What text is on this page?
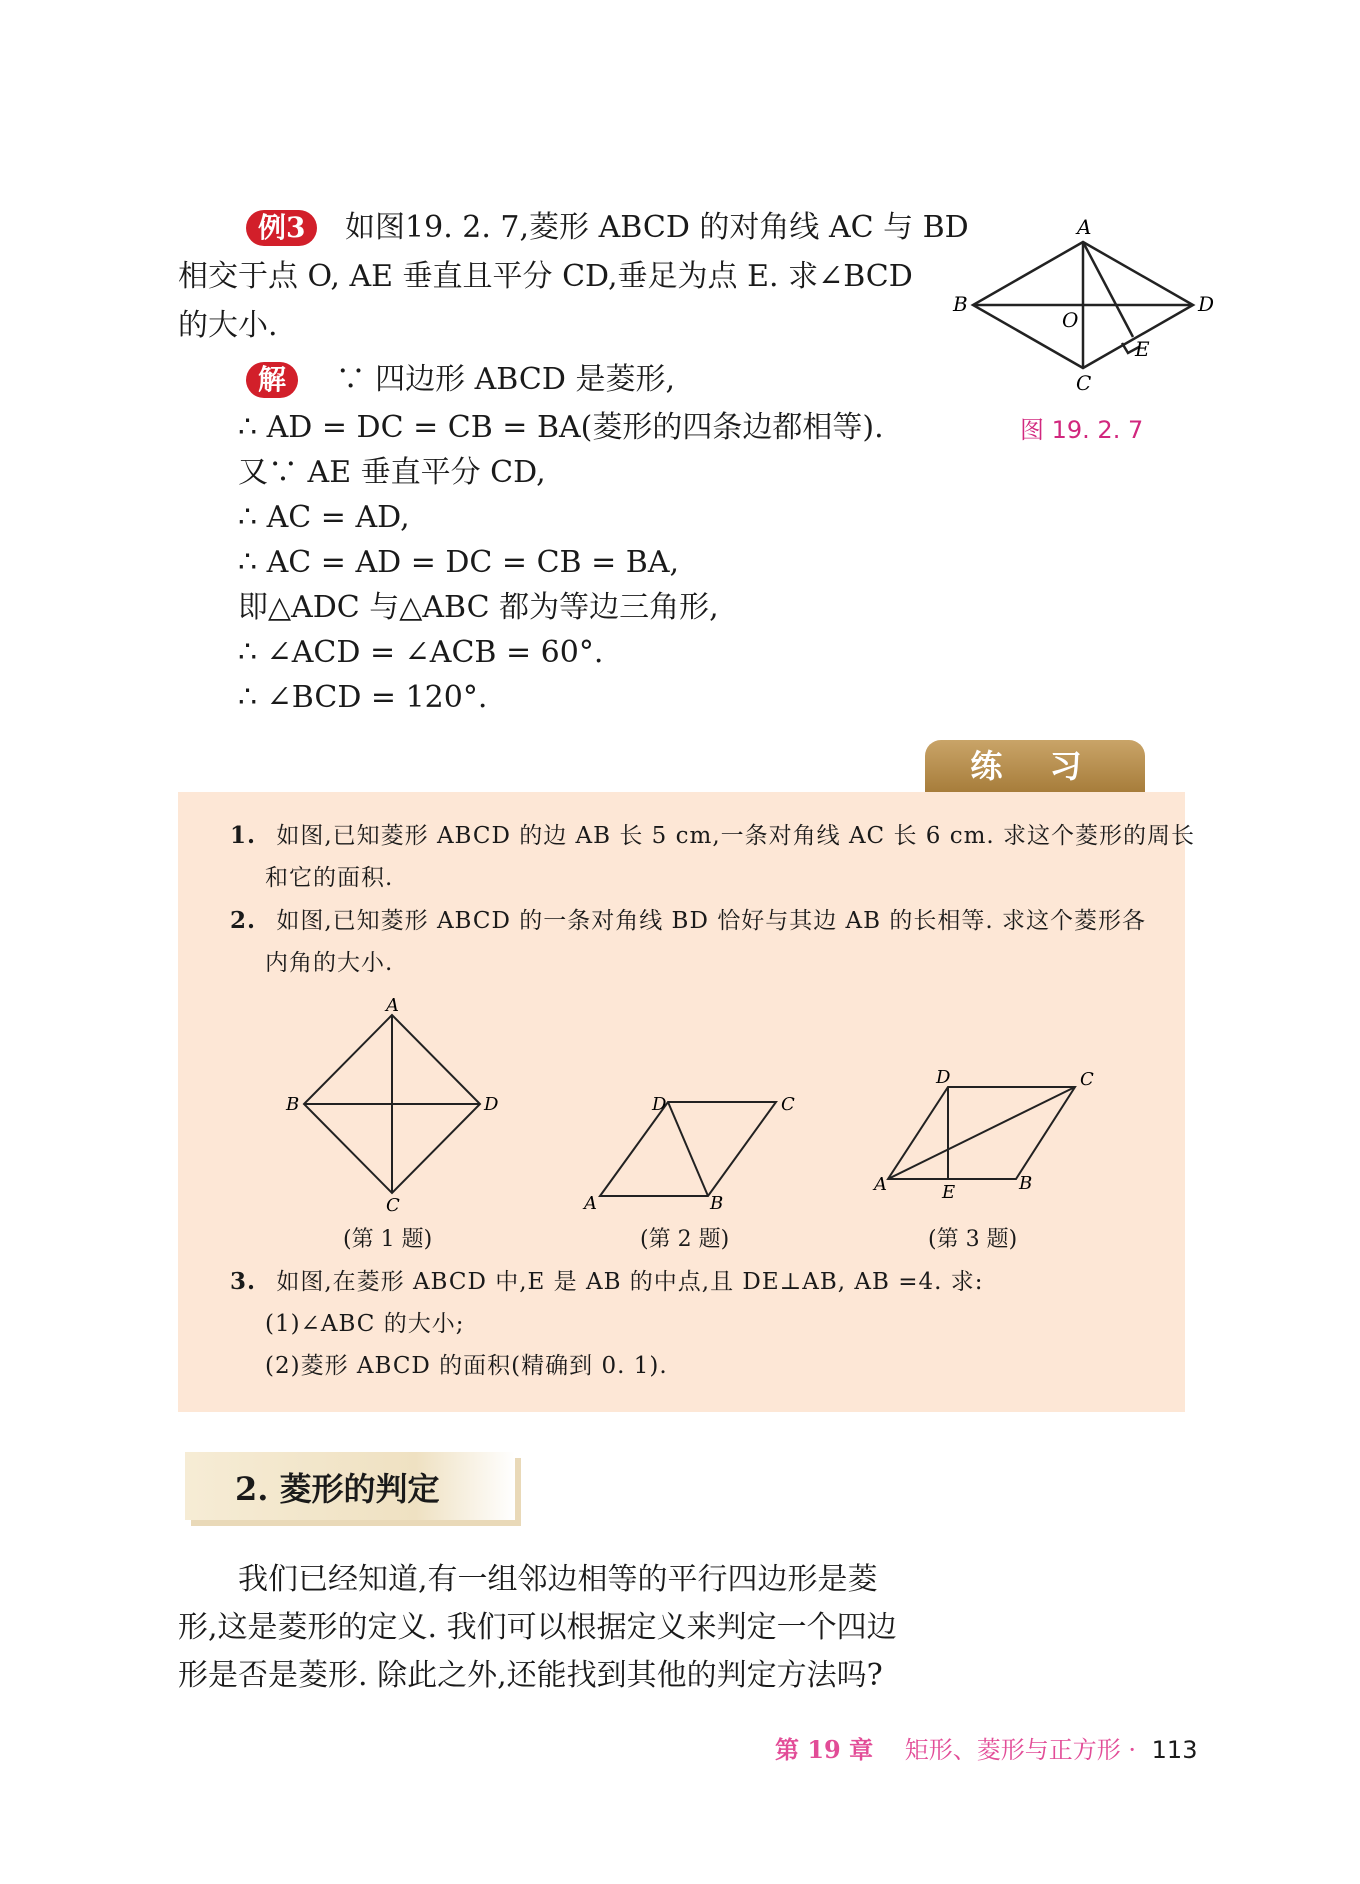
例3 如图19. 2. 7,菱形 ABCD 的对角线 AC 与 BD
相交于点 O, AE 垂直且平分 CD,垂足为点 E. 求∠BCD
的大小.
解 ∵ 四边形 ABCD 是菱形,
∴ AD = DC = CB = BA(菱形的四条边都相等).
又∵ AE 垂直平分 CD,
∴ AC = AD,
∴ AC = AD = DC = CB = BA,
即△ADC 与△ABC 都为等边三角形,
∴ ∠ACD = ∠ACB = 60°.
∴ ∠BCD = 120°.
A
B
C
D
O
E
图 19. 2. 7
练 习
1. 如图,已知菱形 ABCD 的边 AB 长 5 cm,一条对角线 AC 长 6 cm. 求这个菱形的周长
和它的面积.
2. 如图,已知菱形 ABCD 的一条对角线 BD 恰好与其边 AB 的长相等. 求这个菱形各
内角的大小.
A
B
C
D
A	B
C
D
A	B
C
D
E
(第 1 题)	(第 2 题)	(第 3 题)
3. 如图,在菱形 ABCD 中,E 是 AB 的中点,且 DE⊥AB, AB =4. 求:
(1)∠ABC 的大小;
(2)菱形 ABCD 的面积(精确到 0. 1).
2. 菱形的判定
我们已经知道,有一组邻边相等的平行四边形是菱
形,这是菱形的定义. 我们可以根据定义来判定一个四边
形是否是菱形. 除此之外,还能找到其他的判定方法吗?
第 19 章 矩形、菱形与正方形 · 113
